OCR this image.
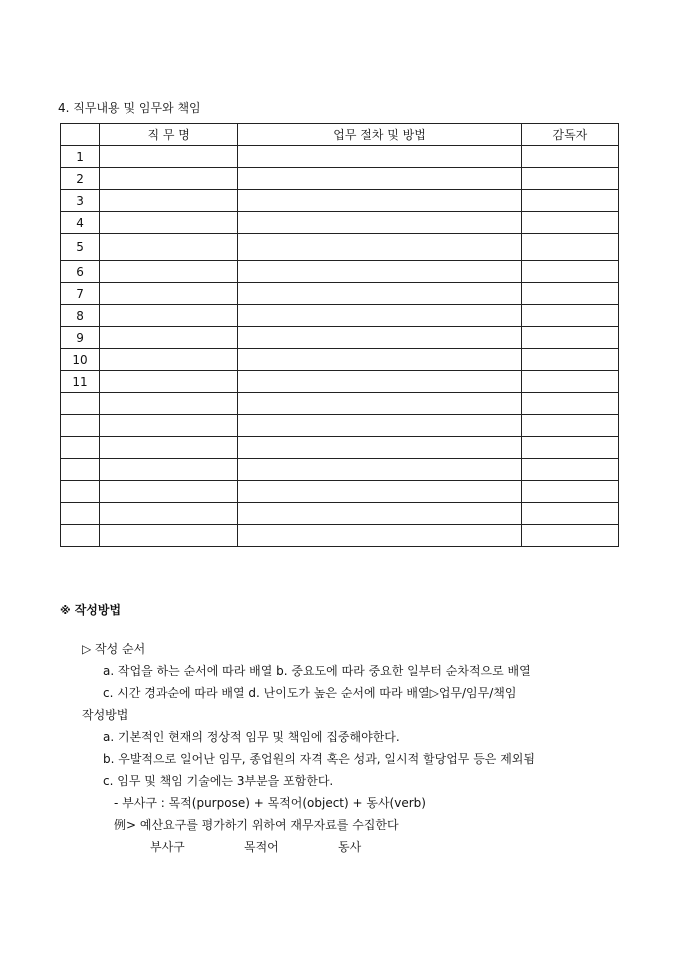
4. 직무내용 및 임무와 책임
	직 무 명	업무 절차 및 방법	감독자
1			
2			
3			
4			
5			
6			
7			
8			
9			
10			
11			

※ 작성방법
▷ 작성 순서
a. 작업을 하는 순서에 따라 배열 b. 중요도에 따라 중요한 일부터 순차적으로 배열
c. 시간 경과순에 따라 배열 d. 난이도가 높은 순서에 따라 배열▷업무/임무/책임
작성방법
a. 기본적인 현재의 정상적 임무 및 책임에 집중해야한다.
b. 우발적으로 일어난 임무, 종업원의 자격 혹은 성과, 일시적 할당업무 등은 제외됨
c. 임무 및 책임 기술에는 3부분을 포함한다.
- 부사구 : 목적(purpose) + 목적어(object) + 동사(verb)
例> 예산요구를 평가하기 위하여 재무자료를 수집한다
부사구	목적어	동사
